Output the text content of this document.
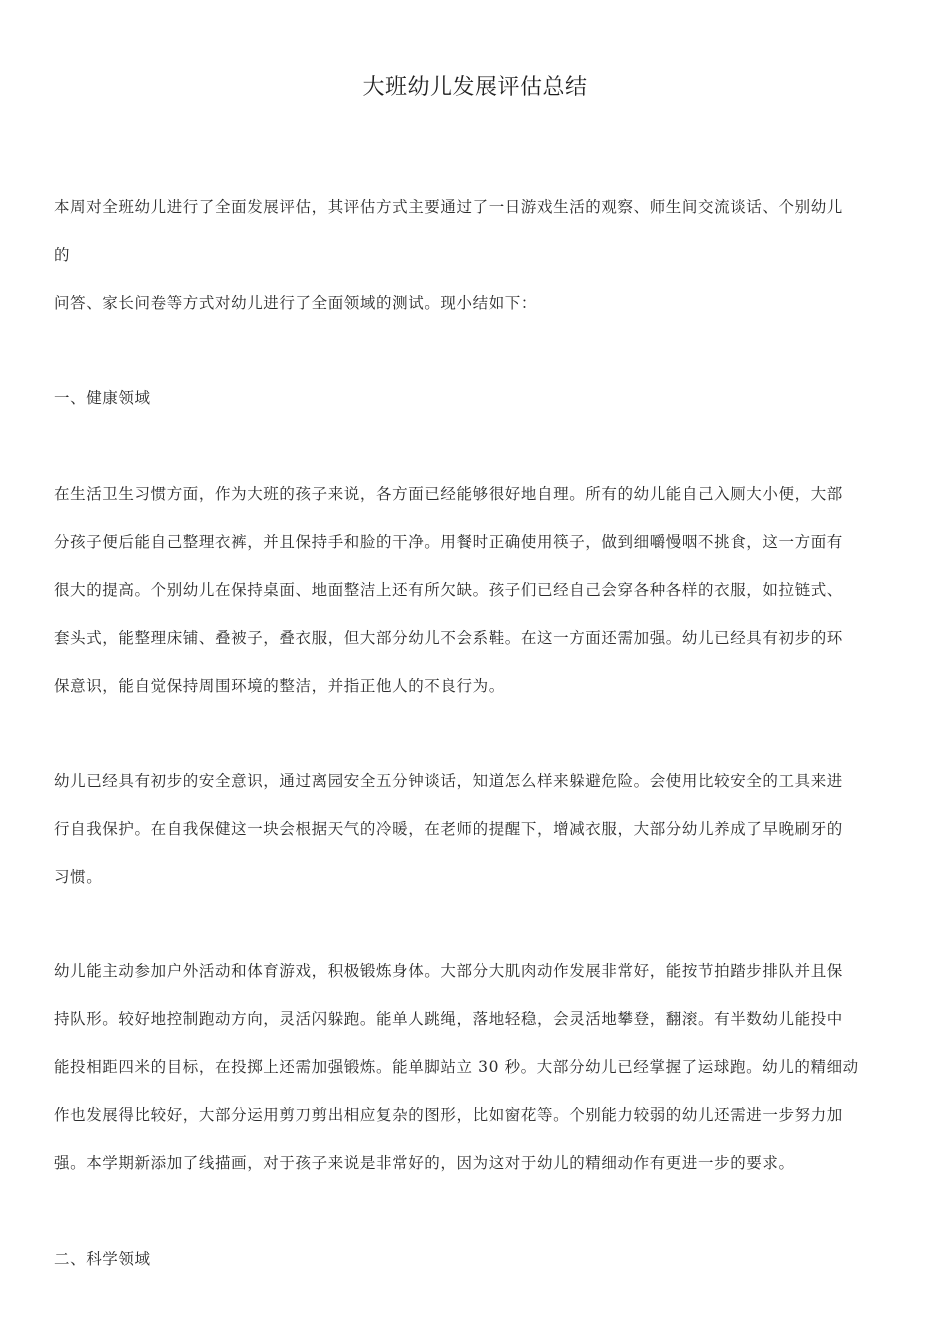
大班幼儿发展评估总结
本周对全班幼儿进行了全面发展评估，其评估方式主要通过了一日游戏生活的观察、师生间交流谈话、个别幼儿
的
问答、家长问卷等方式对幼儿进行了全面领域的测试。现小结如下：
一、健康领域
在生活卫生习惯方面，作为大班的孩子来说，各方面已经能够很好地自理。所有的幼儿能自己入厕大小便，大部
分孩子便后能自己整理衣裤，并且保持手和脸的干净。用餐时正确使用筷子，做到细嚼慢咽不挑食，这一方面有
很大的提高。个别幼儿在保持桌面、地面整洁上还有所欠缺。孩子们已经自己会穿各种各样的衣服，如拉链式、
套头式，能整理床铺、叠被子，叠衣服，但大部分幼儿不会系鞋。在这一方面还需加强。幼儿已经具有初步的环
保意识，能自觉保持周围环境的整洁，并指正他人的不良行为。
幼儿已经具有初步的安全意识，通过离园安全五分钟谈话，知道怎么样来躲避危险。会使用比较安全的工具来进
行自我保护。在自我保健这一块会根据天气的冷暖，在老师的提醒下，增减衣服，大部分幼儿养成了早晚刷牙的
习惯。
幼儿能主动参加户外活动和体育游戏，积极锻炼身体。大部分大肌肉动作发展非常好，能按节拍踏步排队并且保
持队形。较好地控制跑动方向，灵活闪躲跑。能单人跳绳，落地轻稳，会灵活地攀登，翻滚。有半数幼儿能投中
能投相距四米的目标，在投掷上还需加强锻炼。能单脚站立 30 秒。大部分幼儿已经掌握了运球跑。幼儿的精细动
作也发展得比较好，大部分运用剪刀剪出相应复杂的图形，比如窗花等。个别能力较弱的幼儿还需进一步努力加
强。本学期新添加了线描画，对于孩子来说是非常好的，因为这对于幼儿的精细动作有更进一步的要求。
二、科学领域
